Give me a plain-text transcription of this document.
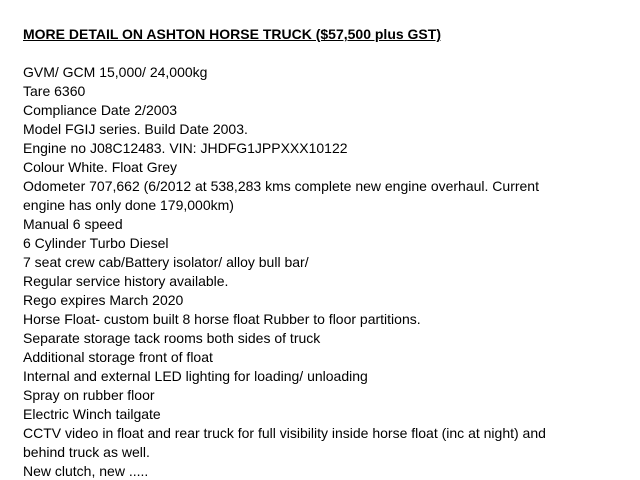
MORE DETAIL ON ASHTON HORSE TRUCK ($57,500 plus GST)
GVM/ GCM 15,000/ 24,000kg
Tare 6360
Compliance Date 2/2003
Model FGIJ series. Build Date 2003.
Engine no J08C12483. VIN: JHDFG1JPPXXX10122
Colour White. Float Grey
Odometer 707,662 (6/2012 at 538,283 kms complete new engine overhaul. Current
engine has only done 179,000km)
Manual 6 speed
6 Cylinder Turbo Diesel
7 seat crew cab/Battery isolator/ alloy bull bar/
Regular service history available.
Rego expires March 2020
Horse Float- custom built 8 horse float Rubber to floor partitions.
Separate storage tack rooms both sides of truck
Additional storage front of float
Internal and external LED lighting for loading/ unloading
Spray on rubber floor
Electric Winch tailgate
CCTV video in float and rear truck for full visibility inside horse float (inc at night) and
behind truck as well.
New clutch, new .....
